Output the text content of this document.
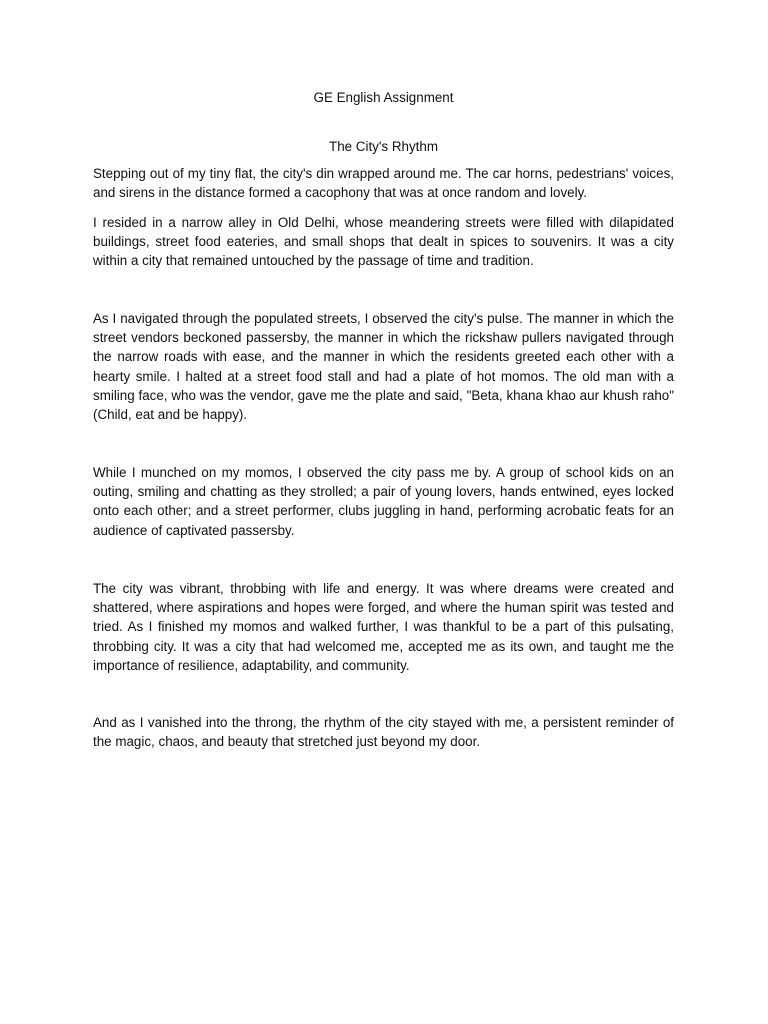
GE English Assignment

The City's Rhythm

Stepping out of my tiny flat, the city's din wrapped around me. The car horns, pedestrians' voices, and sirens in the distance formed a cacophony that was at once random and lovely.

I resided in a narrow alley in Old Delhi, whose meandering streets were filled with dilapidated buildings, street food eateries, and small shops that dealt in spices to souvenirs. It was a city within a city that remained untouched by the passage of time and tradition.

As I navigated through the populated streets, I observed the city's pulse. The manner in which the street vendors beckoned passersby, the manner in which the rickshaw pullers navigated through the narrow roads with ease, and the manner in which the residents greeted each other with a hearty smile. I halted at a street food stall and had a plate of hot momos. The old man with a smiling face, who was the vendor, gave me the plate and said, "Beta, khana khao aur khush raho" (Child, eat and be happy).

While I munched on my momos, I observed the city pass me by. A group of school kids on an outing, smiling and chatting as they strolled; a pair of young lovers, hands entwined, eyes locked onto each other; and a street performer, clubs juggling in hand, performing acrobatic feats for an audience of captivated passersby.

The city was vibrant, throbbing with life and energy. It was where dreams were created and shattered, where aspirations and hopes were forged, and where the human spirit was tested and tried. As I finished my momos and walked further, I was thankful to be a part of this pulsating, throbbing city. It was a city that had welcomed me, accepted me as its own, and taught me the importance of resilience, adaptability, and community.

And as I vanished into the throng, the rhythm of the city stayed with me, a persistent reminder of the magic, chaos, and beauty that stretched just beyond my door.
